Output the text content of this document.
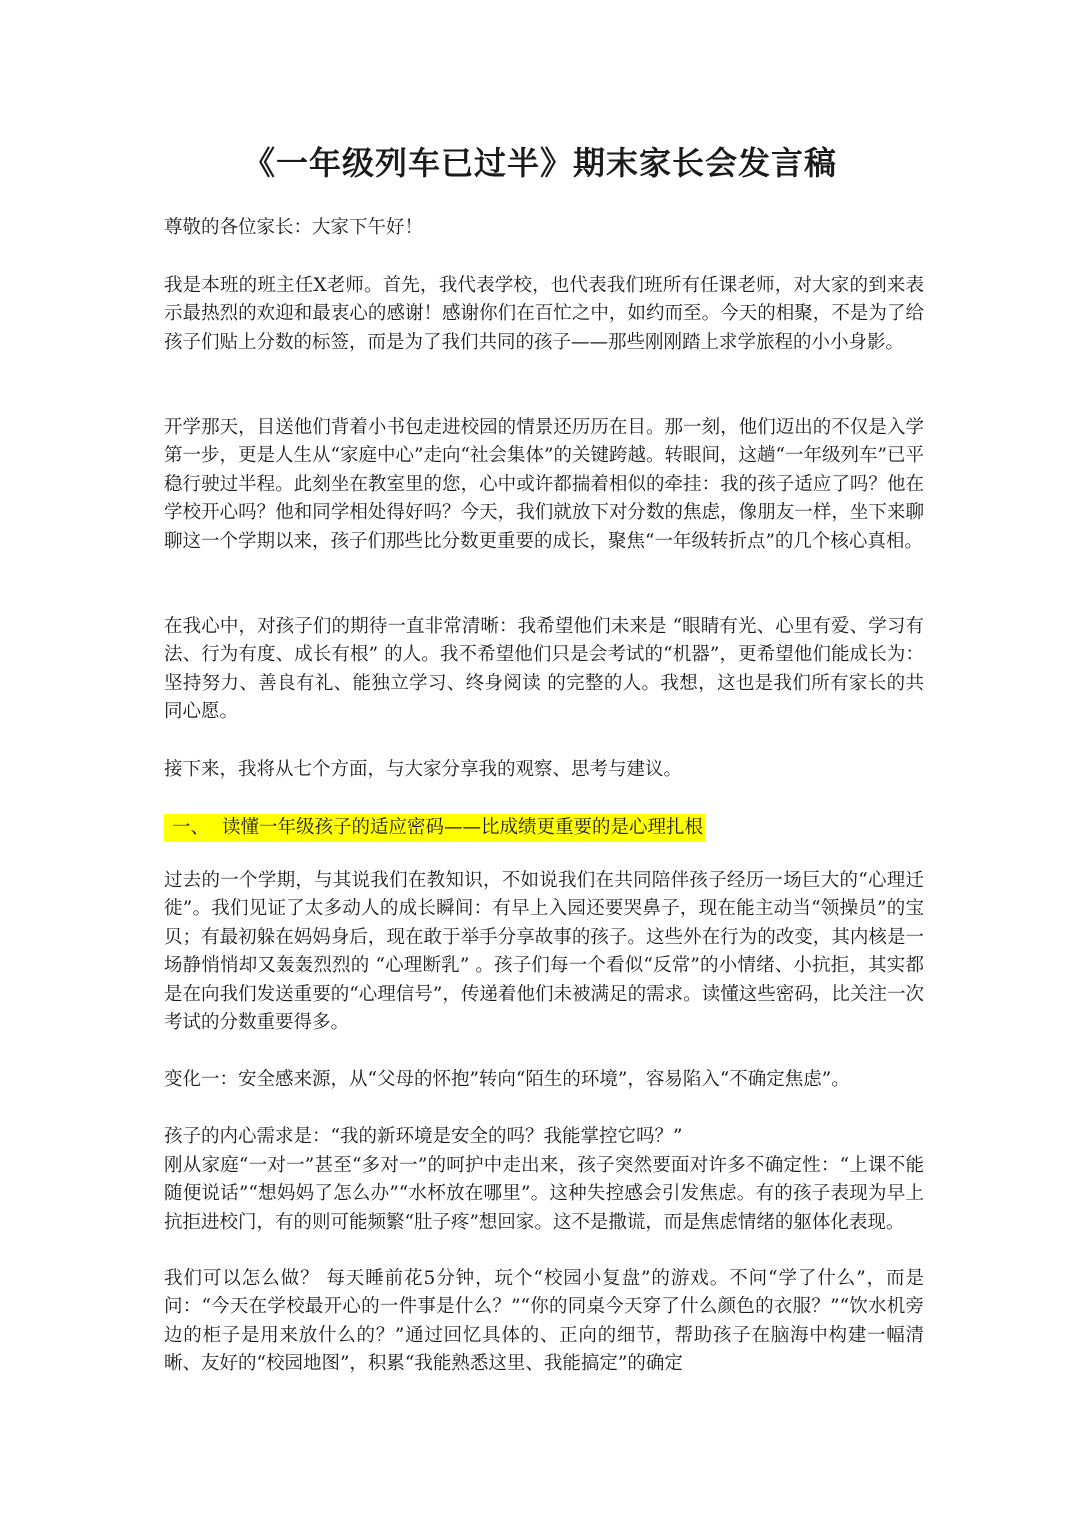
《一年级列车已过半》期末家长会发言稿

尊敬的各位家长：大家下午好！

我是本班的班主任X老师。首先，我代表学校，也代表我们班所有任课老师，对大家的到来表示最热烈的欢迎和最衷心的感谢！感谢你们在百忙之中，如约而至。今天的相聚，不是为了给孩子们贴上分数的标签，而是为了我们共同的孩子——那些刚刚踏上求学旅程的小小身影。

开学那天，目送他们背着小书包走进校园的情景还历历在目。那一刻，他们迈出的不仅是入学第一步，更是人生从“家庭中心”走向“社会集体”的关键跨越。转眼间，这趟“一年级列车”已平稳行驶过半程。此刻坐在教室里的您，心中或许都揣着相似的牵挂：我的孩子适应了吗？他在学校开心吗？他和同学相处得好吗？今天，我们就放下对分数的焦虑，像朋友一样，坐下来聊聊这一个学期以来，孩子们那些比分数更重要的成长，聚焦“一年级转折点”的几个核心真相。

在我心中，对孩子们的期待一直非常清晰：我希望他们未来是 “眼睛有光、心里有爱、学习有法、行为有度、成长有根” 的人。我不希望他们只是会考试的“机器”，更希望他们能成长为：坚持努力、善良有礼、能独立学习、终身阅读 的完整的人。我想，这也是我们所有家长的共同心愿。

接下来，我将从七个方面，与大家分享我的观察、思考与建议。

一、 读懂一年级孩子的适应密码——比成绩更重要的是心理扎根

过去的一个学期，与其说我们在教知识，不如说我们在共同陪伴孩子经历一场巨大的“心理迁徙”。我们见证了太多动人的成长瞬间：有早上入园还要哭鼻子，现在能主动当“领操员”的宝贝；有最初躲在妈妈身后，现在敢于举手分享故事的孩子。这些外在行为的改变，其内核是一场静悄悄却又轰轰烈烈的 “心理断乳” 。孩子们每一个看似“反常”的小情绪、小抗拒，其实都是在向我们发送重要的“心理信号”，传递着他们未被满足的需求。读懂这些密码，比关注一次考试的分数重要得多。

变化一：安全感来源，从“父母的怀抱”转向“陌生的环境”，容易陷入“不确定焦虑”。

孩子的内心需求是：“我的新环境是安全的吗？我能掌控它吗？”

刚从家庭“一对一”甚至“多对一”的呵护中走出来，孩子突然要面对许多不确定性：“上课不能随便说话”“想妈妈了怎么办”“水杯放在哪里”。这种失控感会引发焦虑。有的孩子表现为早上抗拒进校门，有的则可能频繁“肚子疼”想回家。这不是撒谎，而是焦虑情绪的躯体化表现。

我们可以怎么做？ 每天睡前花5分钟，玩个“校园小复盘”的游戏。不问“学了什么”，而是问：“今天在学校最开心的一件事是什么？”“你的同桌今天穿了什么颜色的衣服？”“饮水机旁边的柜子是用来放什么的？”通过回忆具体的、正向的细节，帮助孩子在脑海中构建一幅清晰、友好的“校园地图”，积累“我能熟悉这里、我能搞定”的确定
